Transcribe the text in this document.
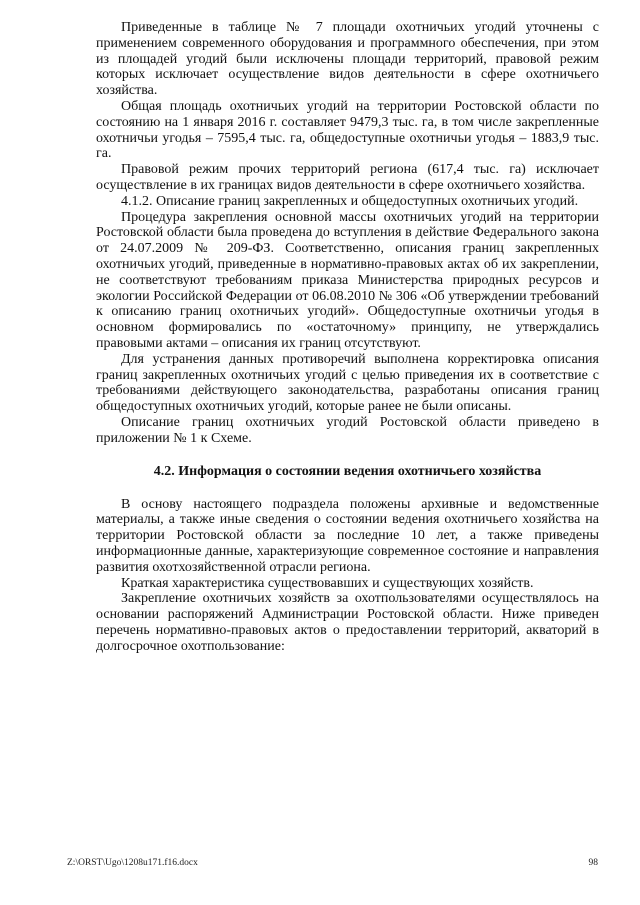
Приведенные в таблице № 7 площади охотничьих угодий уточнены с применением современного оборудования и программного обеспечения, при этом из площадей угодий были исключены площади территорий, правовой режим которых исключает осуществление видов деятельности в сфере охотничьего хозяйства.

Общая площадь охотничьих угодий на территории Ростовской области по состоянию на 1 января 2016 г. составляет 9479,3 тыс. га, в том числе закрепленные охотничьи угодья – 7595,4 тыс. га, общедоступные охотничьи угодья – 1883,9 тыс. га.

Правовой режим прочих территорий региона (617,4 тыс. га) исключает осуществление в их границах видов деятельности в сфере охотничьего хозяйства.

4.1.2. Описание границ закрепленных и общедоступных охотничьих угодий.

Процедура закрепления основной массы охотничьих угодий на территории Ростовской области была проведена до вступления в действие Федерального закона от 24.07.2009 № 209-ФЗ. Соответственно, описания границ закрепленных охотничьих угодий, приведенные в нормативно-правовых актах об их закреплении, не соответствуют требованиям приказа Министерства природных ресурсов и экологии Российской Федерации от 06.08.2010 № 306 «Об утверждении требований к описанию границ охотничьих угодий». Общедоступные охотничьи угодья в основном формировались по «остаточному» принципу, не утверждались правовыми актами – описания их границ отсутствуют.

Для устранения данных противоречий выполнена корректировка описания границ закрепленных охотничьих угодий с целью приведения их в соответствие с требованиями действующего законодательства, разработаны описания границ общедоступных охотничьих угодий, которые ранее не были описаны.

Описание границ охотничьих угодий Ростовской области приведено в приложении № 1 к Схеме.

4.2. Информация о состоянии ведения охотничьего хозяйства

В основу настоящего подраздела положены архивные и ведомственные материалы, а также иные сведения о состоянии ведения охотничьего хозяйства на территории Ростовской области за последние 10 лет, а также приведены информационные данные, характеризующие современное состояние и направления развития охотхозяйственной отрасли региона.

Краткая характеристика существовавших и существующих хозяйств.

Закрепление охотничьих хозяйств за охотпользователями осуществлялось на основании распоряжений Администрации Ростовской области. Ниже приведен перечень нормативно-правовых актов о предоставлении территорий, акваторий в долгосрочное охотпользование:

Z:\ORST\Ugo\1208u171.f16.docx	98
